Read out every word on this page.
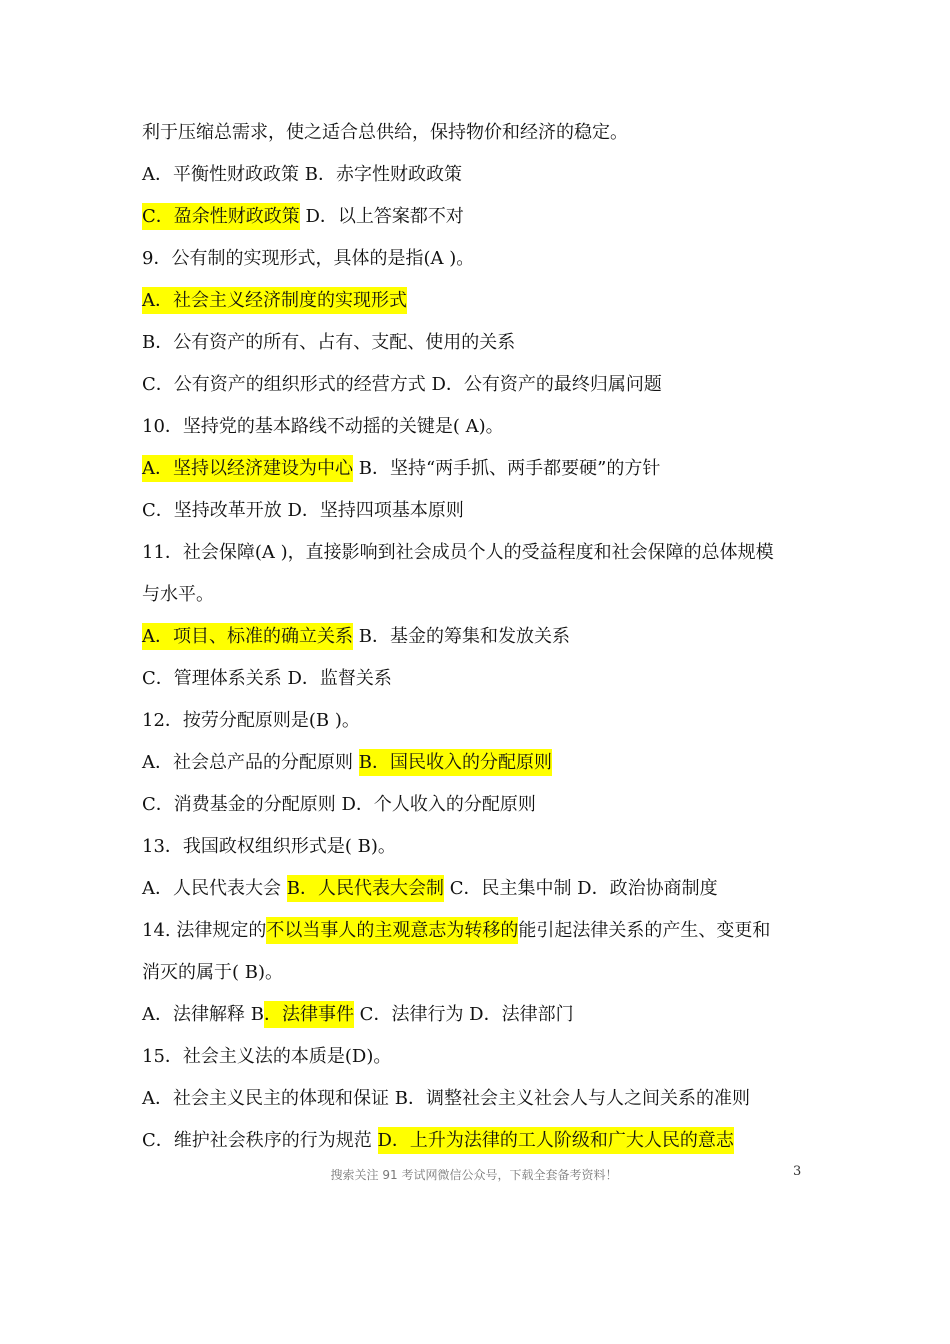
利于压缩总需求，使之适合总供给，保持物价和经济的稳定。
A．平衡性财政政策 B．赤字性财政政策
C．盈余性财政政策 D．以上答案都不对
9．公有制的实现形式，具体的是指(A )。
A．社会主义经济制度的实现形式
B．公有资产的所有、占有、支配、使用的关系
C．公有资产的组织形式的经营方式 D．公有资产的最终归属问题
10．坚持党的基本路线不动摇的关键是( A)。
A．坚持以经济建设为中心 B．坚持“两手抓、两手都要硬”的方针
C．坚持改革开放 D．坚持四项基本原则
11．社会保障(A )，直接影响到社会成员个人的受益程度和社会保障的总体规模
与水平。
A．项目、标准的确立关系 B．基金的筹集和发放关系
C．管理体系关系 D．监督关系
12．按劳分配原则是(B )。
A．社会总产品的分配原则 B．国民收入的分配原则
C．消费基金的分配原则 D．个人收入的分配原则
13．我国政权组织形式是( B)。
A．人民代表大会 B．人民代表大会制 C．民主集中制 D．政治协商制度
14. 法律规定的不以当事人的主观意志为转移的能引起法律关系的产生、变更和
消灭的属于( B)。
A．法律解释 B．法律事件 C．法律行为 D．法律部门
15．社会主义法的本质是(D)。
A．社会主义民主的体现和保证 B．调整社会主义社会人与人之间关系的准则
C．维护社会秩序的行为规范 D．上升为法律的工人阶级和广大人民的意志
搜索关注 91 考试网微信公众号，下载全套备考资料！	3
